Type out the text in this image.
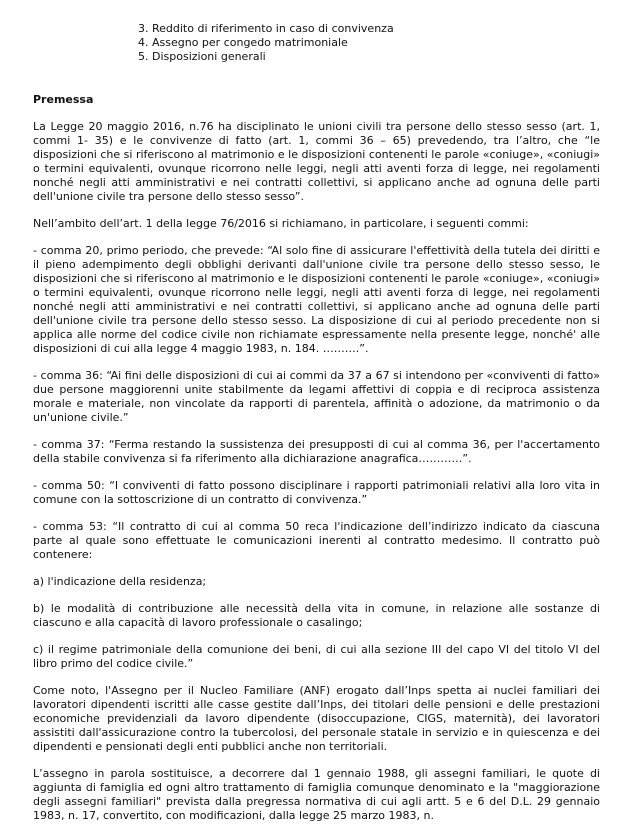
3. Reddito di riferimento in caso di convivenza
4. Assegno per congedo matrimoniale
5. Disposizioni generali
Premessa

La Legge 20 maggio 2016, n.76 ha disciplinato le unioni civili tra persone dello stesso sesso (art. 1, commi 1- 35) e le convivenze di fatto (art. 1, commi 36 – 65) prevedendo, tra l’altro, che “le disposizioni che si riferiscono al matrimonio e le disposizioni contenenti le parole «coniuge», «coniugi» o termini equivalenti, ovunque ricorrono nelle leggi, negli atti aventi forza di legge, nei regolamenti nonché negli atti amministrativi e nei contratti collettivi, si applicano anche ad ognuna delle parti dell'unione civile tra persone dello stesso sesso”.

Nell’ambito dell’art. 1 della legge 76/2016 si richiamano, in particolare, i seguenti commi:

- comma 20, primo periodo, che prevede: “Al solo fine di assicurare l'effettività della tutela dei diritti e il pieno adempimento degli obblighi derivanti dall'unione civile tra persone dello stesso sesso, le disposizioni che si riferiscono al matrimonio e le disposizioni contenenti le parole «coniuge», «coniugi» o termini equivalenti, ovunque ricorrono nelle leggi, negli atti aventi forza di legge, nei regolamenti nonché negli atti amministrativi e nei contratti collettivi, si applicano anche ad ognuna delle parti dell'unione civile tra persone dello stesso sesso. La disposizione di cui al periodo precedente non si applica alle norme del codice civile non richiamate espressamente nella presente legge, nonché' alle disposizioni di cui alla legge 4 maggio 1983, n. 184. ……….”.

- comma 36: “Ai fini delle disposizioni di cui ai commi da 37 a 67 si intendono per «conviventi di fatto» due persone maggiorenni unite stabilmente da legami affettivi di coppia e di reciproca assistenza morale e materiale, non vincolate da rapporti di parentela, affinità o adozione, da matrimonio o da un'unione civile.”

- comma 37: “Ferma restando la sussistenza dei presupposti di cui al comma 36, per l'accertamento della stabile convivenza si fa riferimento alla dichiarazione anagrafica…………”.

- comma 50: “I conviventi di fatto possono disciplinare i rapporti patrimoniali relativi alla loro vita in comune con la sottoscrizione di un contratto di convivenza.”

- comma 53: “Il contratto di cui al comma 50 reca l'indicazione dell’indirizzo indicato da ciascuna parte al quale sono effettuate le comunicazioni inerenti al contratto medesimo. Il contratto può contenere:

a) l'indicazione della residenza;

b) le modalità di contribuzione alle necessità della vita in comune, in relazione alle sostanze di ciascuno e alla capacità di lavoro professionale o casalingo;

c) il regime patrimoniale della comunione dei beni, di cui alla sezione III del capo VI del titolo VI del libro primo del codice civile.”

Come noto, l'Assegno per il Nucleo Familiare (ANF) erogato dall’Inps spetta ai nuclei familiari dei lavoratori dipendenti iscritti alle casse gestite dall’Inps, dei titolari delle pensioni e delle prestazioni economiche previdenziali da lavoro dipendente (disoccupazione, CIGS, maternità), dei lavoratori assistiti dall'assicurazione contro la tubercolosi, del personale statale in servizio e in quiescenza e dei dipendenti e pensionati degli enti pubblici anche non territoriali.

L’assegno in parola sostituisce, a decorrere dal 1 gennaio 1988, gli assegni familiari, le quote di aggiunta di famiglia ed ogni altro trattamento di famiglia comunque denominato e la "maggiorazione degli assegni familiari" prevista dalla pregressa normativa di cui agli artt. 5 e 6 del D.L. 29 gennaio 1983, n. 17, convertito, con modificazioni, dalla legge 25 marzo 1983, n.
